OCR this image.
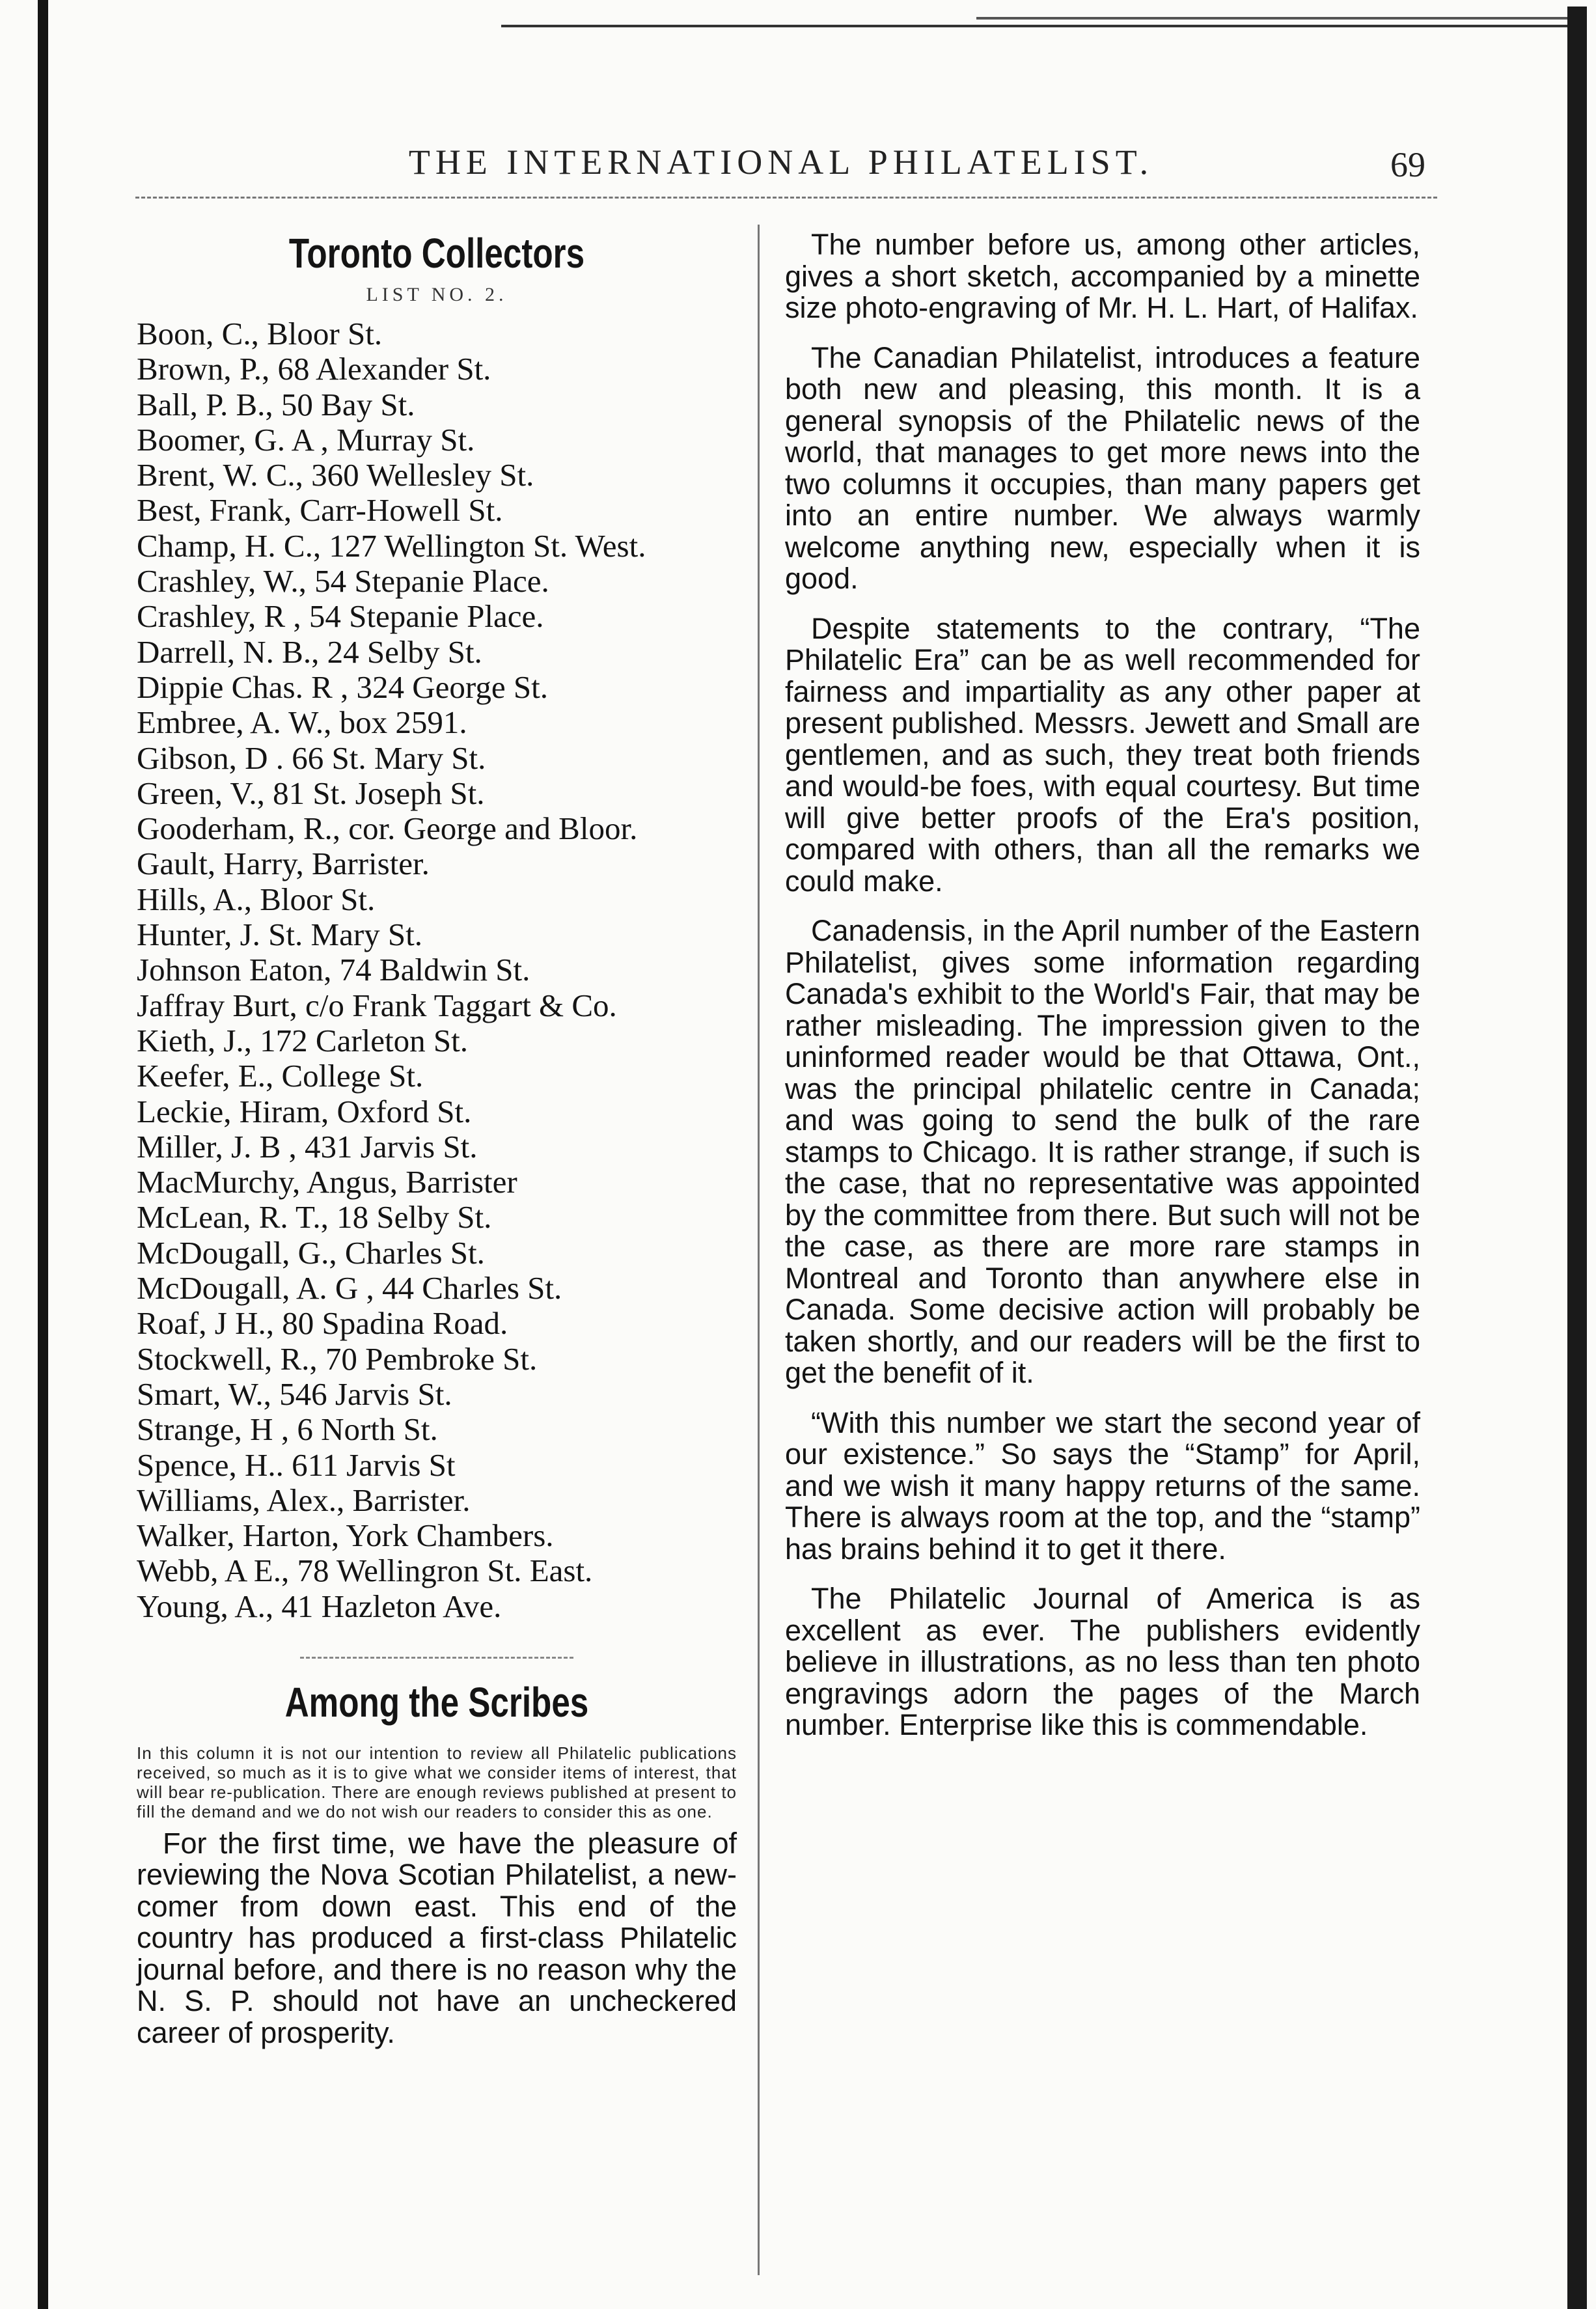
THE INTERNATIONAL PHILATELIST.	69
Toronto Collectors
LIST NO. 2.
Boon, C., Bloor St.
Brown, P., 68 Alexander St.
Ball, P. B., 50 Bay St.
Boomer, G. A , Murray St.
Brent, W. C., 360 Wellesley St.
Best, Frank, Carr-Howell St.
Champ, H. C., 127 Wellington St. West.
Crashley, W., 54 Stepanie Place.
Crashley, R , 54 Stepanie Place.
Darrell, N. B., 24 Selby St.
Dippie Chas. R , 324 George St.
Embree, A. W., box 2591.
Gibson, D . 66 St. Mary St.
Green, V., 81 St. Joseph St.
Gooderham, R., cor. George and Bloor.
Gault, Harry, Barrister.
Hills, A., Bloor St.
Hunter, J. St. Mary St.
Johnson Eaton, 74 Baldwin St.
Jaffray Burt, c/o Frank Taggart & Co.
Kieth, J., 172 Carleton St.
Keefer, E., College St.
Leckie, Hiram, Oxford St.
Miller, J. B , 431 Jarvis St.
MacMurchy, Angus, Barrister
McLean, R. T., 18 Selby St.
McDougall, G., Charles St.
McDougall, A. G , 44 Charles St.
Roaf, J H., 80 Spadina Road.
Stockwell, R., 70 Pembroke St.
Smart, W., 546 Jarvis St.
Strange, H , 6 North St.
Spence, H.. 611 Jarvis St
Williams, Alex., Barrister.
Walker, Harton, York Chambers.
Webb, A E., 78 Wellingron St. East.
Young, A., 41 Hazleton Ave.
Among the Scribes

In this column it is not our intention to review all Philatelic publications received, so much as it is to give what we consider items of interest, that will bear re-publication. There are enough reviews published at present to fill the demand and we do not wish our readers to consider this as one.

For the first time, we have the pleasure of reviewing the Nova Scotian Philatelist, a new-comer from down east. This end of the country has produced a first-class Philatelic journal before, and there is no reason why the N. S. P. should not have an uncheckered career of prosperity.

The number before us, among other articles, gives a short sketch, accompanied by a minette size photo-engraving of Mr. H. L. Hart, of Halifax.

The Canadian Philatelist, introduces a feature both new and pleasing, this month. It is a general synopsis of the Philatelic news of the world, that manages to get more news into the two columns it occupies, than many papers get into an entire number. We always warmly welcome anything new, especially when it is good.

Despite statements to the contrary, “The Philatelic Era” can be as well recommended for fairness and impartiality as any other paper at present published. Messrs. Jewett and Small are gentlemen, and as such, they treat both friends and would-be foes, with equal courtesy. But time will give better proofs of the Era's position, compared with others, than all the remarks we could make.

Canadensis, in the April number of the Eastern Philatelist, gives some information regarding Canada's exhibit to the World's Fair, that may be rather misleading. The impression given to the uninformed reader would be that Ottawa, Ont., was the principal philatelic centre in Canada; and was going to send the bulk of the rare stamps to Chicago. It is rather strange, if such is the case, that no representative was appointed by the committee from there. But such will not be the case, as there are more rare stamps in Montreal and Toronto than anywhere else in Canada. Some decisive action will probably be taken shortly, and our readers will be the first to get the benefit of it.

“With this number we start the second year of our existence.” So says the “Stamp” for April, and we wish it many happy returns of the same. There is always room at the top, and the “stamp” has brains behind it to get it there.

The Philatelic Journal of America is as excellent as ever. The publishers evidently believe in illustrations, as no less than ten photo engravings adorn the pages of the March number. Enterprise like this is commendable.
